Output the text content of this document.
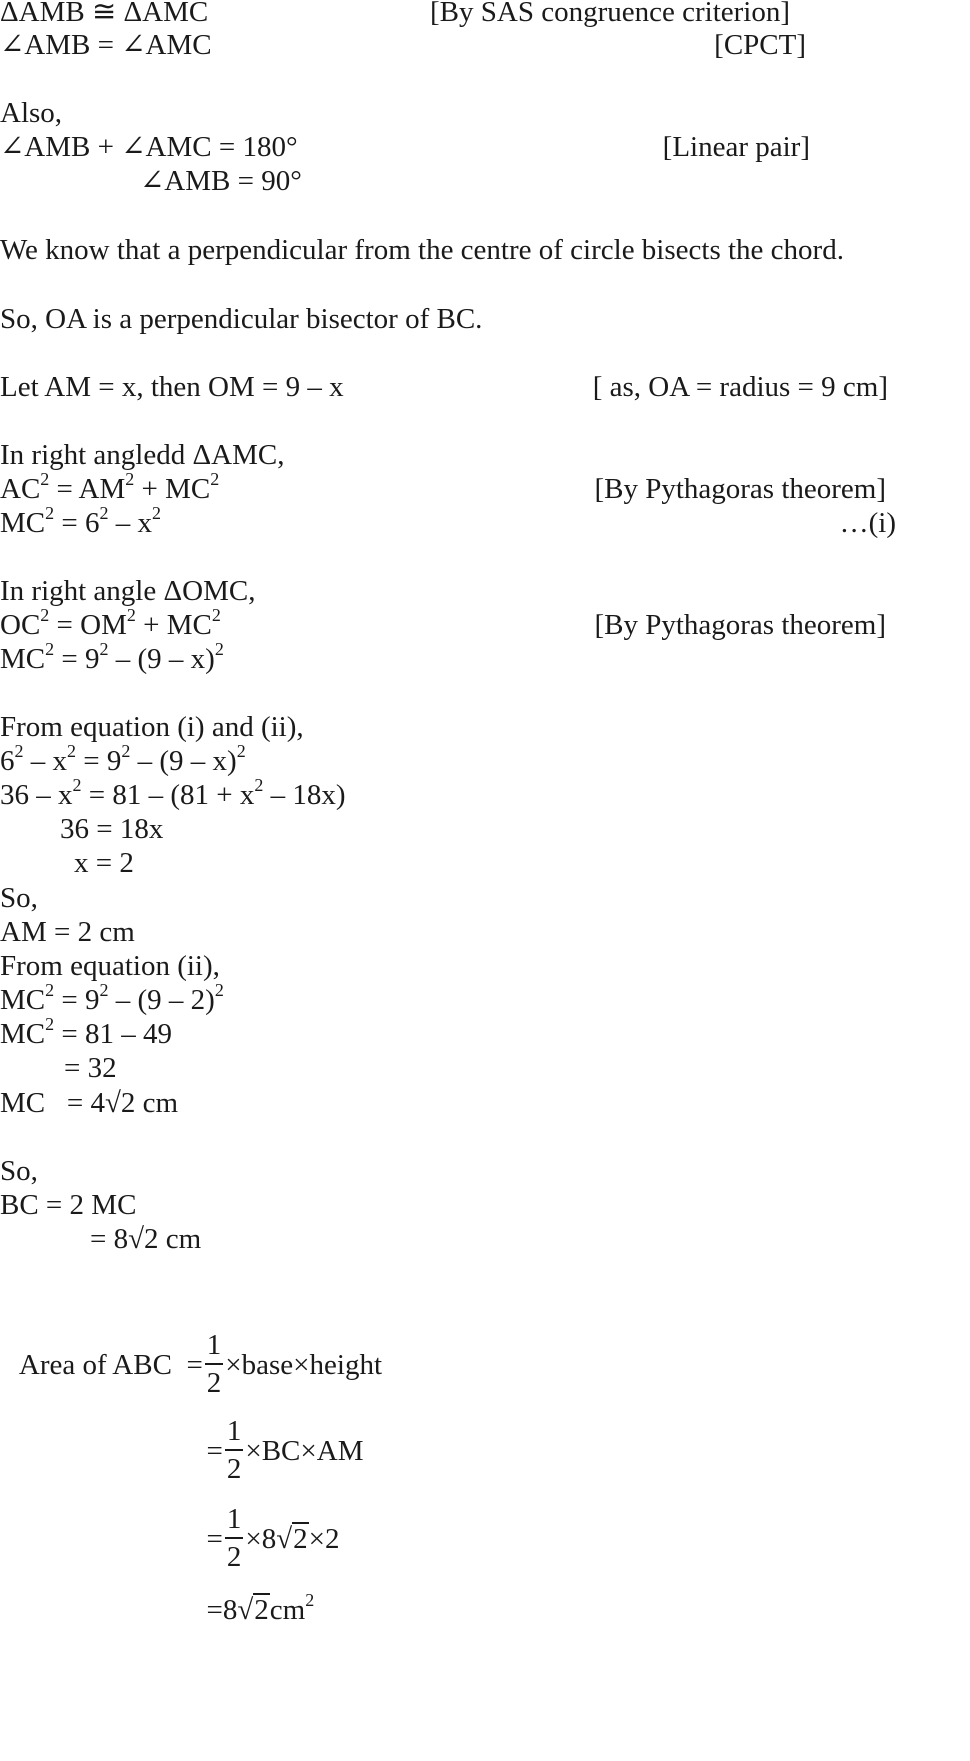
ΔAMB ≅ ΔAMC	[By SAS congruence criterion]
∠AMB = ∠AMC	[CPCT]
Also,
∠AMB + ∠AMC = 180°	[Linear pair]
∠AMB = 90°
We know that a perpendicular from the centre of circle bisects the chord.
So, OA is a perpendicular bisector of BC.
Let AM = x, then OM = 9 – x	[ as, OA = radius = 9 cm]
In right angledd ΔAMC,
$AC^2 = AM^2 + MC^2$	[By Pythagoras theorem]
$MC^2 = 6^2 - x^2$	…(i)
In right angle ΔOMC,
$OC^2 = OM^2 + MC^2$	[By Pythagoras theorem]
$MC^2 = 9^2 - (9 - x)^2$
From equation (i) and (ii),
$6^2 - x^2 = 9^2 - (9 - x)^2$
$36 - x^2 = 81 - (81 + x^2 - 18x)$
36 = 18x
x = 2
So,
AM = 2 cm
From equation (ii),
$MC^2 = 9^2 - (9 - 2)^2$
$MC^2 = 81 - 49$
= 32
MC   = 4√2 cm
So,
BC = 2 MC
= 8√2 cm

Area of ABC = $\frac{1}{2}$ ×base×height

= $\frac{1}{2} \times BC\times AM$

= $\frac{1}{2} \times 8√2\times 2$

$=8√2cm^2$
